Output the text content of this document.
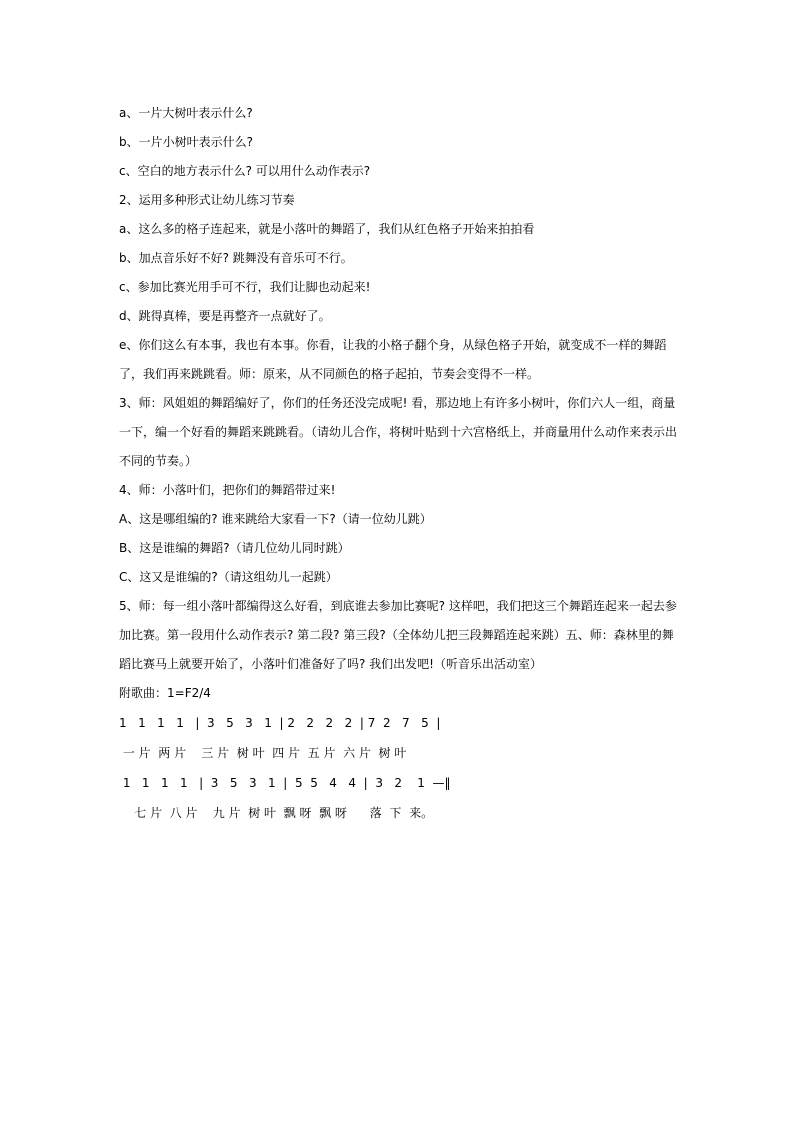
a、一片大树叶表示什么?

b、一片小树叶表示什么?

c、空白的地方表示什么? 可以用什么动作表示?

2、运用多种形式让幼儿练习节奏

a、这么多的格子连起来，就是小落叶的舞蹈了，我们从红色格子开始来拍拍看

b、加点音乐好不好? 跳舞没有音乐可不行。

c、参加比赛光用手可不行，我们让脚也动起来!

d、跳得真棒，要是再整齐一点就好了。

e、你们这么有本事，我也有本事。你看，让我的小格子翻个身，从绿色格子开始，就变成不一样的舞蹈了，我们再来跳跳看。师：原来，从不同颜色的格子起拍，节奏会变得不一样。

3、师：风姐姐的舞蹈编好了，你们的任务还没完成呢! 看，那边地上有许多小树叶，你们六人一组，商量一下，编一个好看的舞蹈来跳跳看。（请幼儿合作，将树叶贴到十六宫格纸上，并商量用什么动作来表示出不同的节奏。）

4、师：小落叶们，把你们的舞蹈带过来!

A、这是哪组编的? 谁来跳给大家看一下?（请一位幼儿跳）

B、这是谁编的舞蹈?（请几位幼儿同时跳）

C、这又是谁编的?（请这组幼儿一起跳）

5、师：每一组小落叶都编得这么好看，到底谁去参加比赛呢? 这样吧，我们把这三个舞蹈连起来一起去参加比赛。第一段用什么动作表示? 第二段? 第三段?（全体幼儿把三段舞蹈连起来跳）五、师：森林里的舞蹈比赛马上就要开始了，小落叶们准备好了吗? 我们出发吧!（听音乐出活动室）

附歌曲：1=F2/4

1   1   1   1   |  3   5   3   1  | 2   2   2   2  | 7  2   7   5  |

一 片  两 片    三 片  树 叶  四 片  五 片  六 片  树 叶

1   1   1   1   |  3   5   3   1  |  5  5   4   4  |  3   2    1  —‖

七 片  八 片    九 片  树 叶  飘 呀  飘 呀      落  下  来。
